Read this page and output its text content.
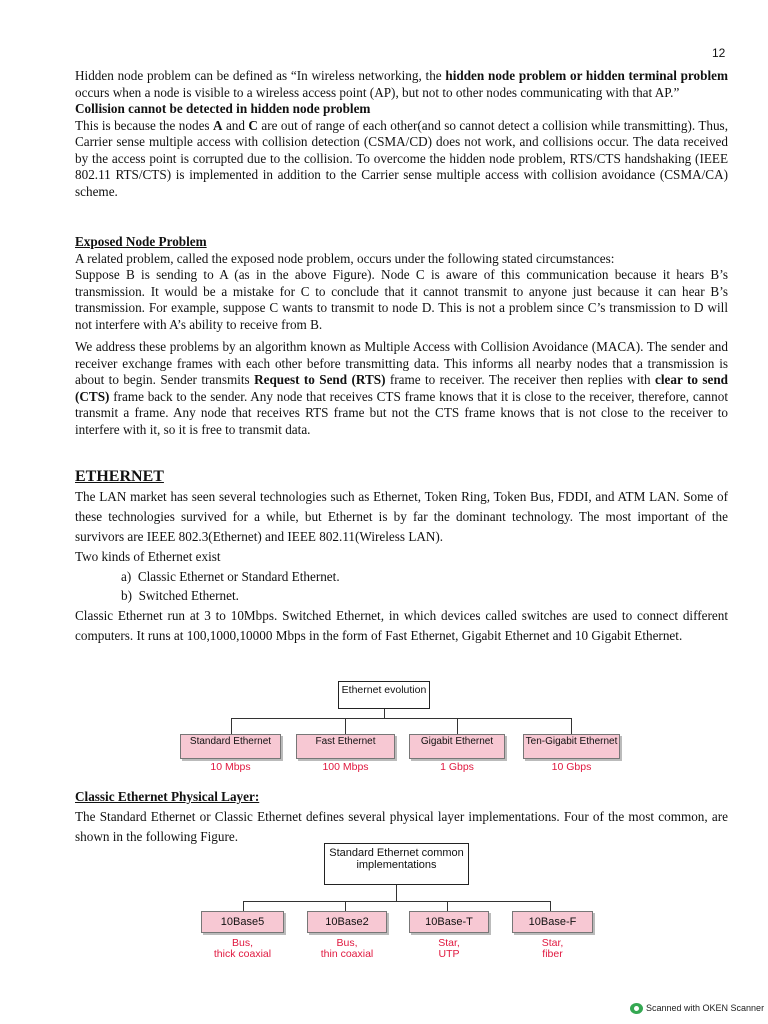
12

Hidden node problem can be defined as “In wireless networking, the hidden node problem or hidden terminal problem occurs when a node is visible to a wireless access point (AP), but not to other nodes communicating with that AP.”

Collision cannot be detected in hidden node problem

This is because the nodes A and C are out of range of each other(and so cannot detect a collision while transmitting). Thus, Carrier sense multiple access with collision detection (CSMA/CD) does not work, and collisions occur. The data received by the access point is corrupted due to the collision. To overcome the hidden node problem, RTS/CTS handshaking (IEEE 802.11 RTS/CTS) is implemented in addition to the Carrier sense multiple access with collision avoidance (CSMA/CA) scheme.

Exposed Node Problem

A related problem, called the exposed node problem, occurs under the following stated circumstances:

Suppose B is sending to A (as in the above Figure). Node C is aware of this communication because it hears B’s transmission. It would be a mistake for C to conclude that it cannot transmit to anyone just because it can hear B’s transmission. For example, suppose C wants to transmit to node D. This is not a problem since C’s transmission to D will not interfere with A’s ability to receive from B.

We address these problems by an algorithm known as Multiple Access with Collision Avoidance (MACA). The sender and receiver exchange frames with each other before transmitting data. This informs all nearby nodes that a transmission is about to begin. Sender transmits Request to Send (RTS) frame to receiver. The receiver then replies with clear to send (CTS) frame back to the sender. Any node that receives CTS frame knows that it is close to the receiver, therefore, cannot transmit a frame. Any node that receives RTS frame but not the CTS frame knows that is not close to the receiver to interfere with it, so it is free to transmit data.

ETHERNET

The LAN market has seen several technologies such as Ethernet, Token Ring, Token Bus, FDDI, and ATM LAN. Some of these technologies survived for a while, but Ethernet is by far the dominant technology. The most important of the survivors are IEEE 802.3(Ethernet) and IEEE 802.11(Wireless LAN).

Two kinds of Ethernet exist

a)  Classic Ethernet or Standard Ethernet.
b)  Switched Ethernet.

Classic Ethernet run at 3 to 10Mbps. Switched Ethernet, in which devices called switches are used to connect different computers. It runs at 100,1000,10000 Mbps in the form of Fast Ethernet, Gigabit Ethernet and 10 Gigabit Ethernet.

Ethernet evolution
Standard Ethernet	Fast Ethernet	Gigabit Ethernet	Ten-Gigabit Ethernet
10 Mbps	100 Mbps	1 Gbps	10 Gbps

Classic Ethernet Physical Layer:

The Standard Ethernet or Classic Ethernet defines several physical layer implementations. Four of the most common, are shown in the following Figure.

Standard Ethernet common implementations
10Base5	10Base2	10Base-T	10Base-F
Bus,
thick coaxial
Bus,
thin coaxial
Star,
UTP
Star,
fiber
Scanned with OKEN Scanner
